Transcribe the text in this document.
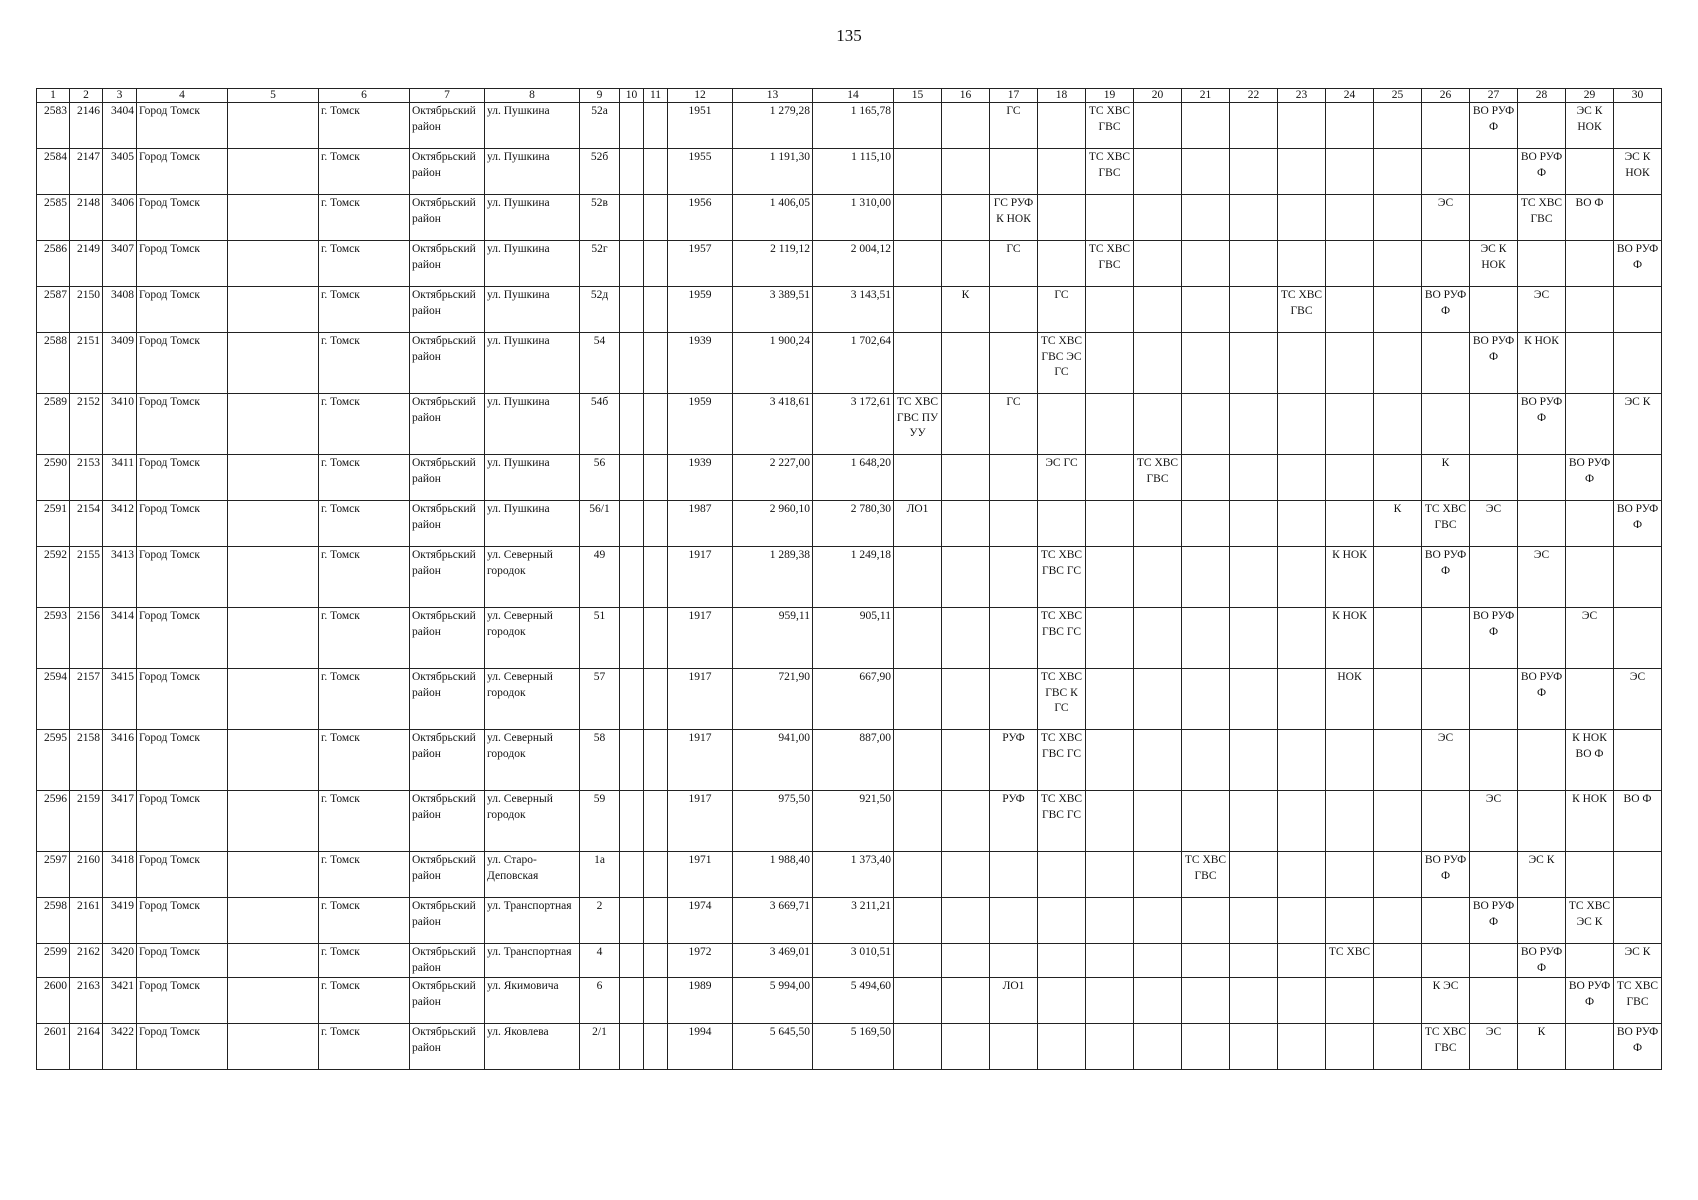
135
1	2	3	4	5	6	7	8	9	10	11	12	13	14	15	16	17	18	19	20	21	22	23	24	25	26	27	28	29	30
2583	2146	3404	Город Томск		г. Томск	Октябрьский район	ул. Пушкина	52а			1951	1 279,28	1 165,78			ГС		ТС ХВС ГВС								ВО РУФ Ф		ЭС К НОК	
2584	2147	3405	Город Томск		г. Томск	Октябрьский район	ул. Пушкина	52б			1955	1 191,30	1 115,10					ТС ХВС ГВС									ВО РУФ Ф		ЭС К НОК
2585	2148	3406	Город Томск		г. Томск	Октябрьский район	ул. Пушкина	52в			1956	1 406,05	1 310,00			ГС РУФ К НОК									ЭС		ТС ХВС ГВС	ВО Ф	
2586	2149	3407	Город Томск		г. Томск	Октябрьский район	ул. Пушкина	52г			1957	2 119,12	2 004,12			ГС		ТС ХВС ГВС								ЭС К НОК			ВО РУФ Ф
2587	2150	3408	Город Томск		г. Томск	Октябрьский район	ул. Пушкина	52д			1959	3 389,51	3 143,51		К		ГС					ТС ХВС ГВС			ВО РУФ Ф		ЭС		
2588	2151	3409	Город Томск		г. Томск	Октябрьский район	ул. Пушкина	54			1939	1 900,24	1 702,64				ТС ХВС ГВС ЭС ГС									ВО РУФ Ф	К НОК		
2589	2152	3410	Город Томск		г. Томск	Октябрьский район	ул. Пушкина	54б			1959	3 418,61	3 172,61	ТС ХВС ГВС ПУ УУ		ГС											ВО РУФ Ф		ЭС К
2590	2153	3411	Город Томск		г. Томск	Октябрьский район	ул. Пушкина	56			1939	2 227,00	1 648,20				ЭС ГС		ТС ХВС ГВС						К			ВО РУФ Ф	
2591	2154	3412	Город Томск		г. Томск	Октябрьский район	ул. Пушкина	56/1			1987	2 960,10	2 780,30	ЛО1										К	ТС ХВС ГВС	ЭС			ВО РУФ Ф
2592	2155	3413	Город Томск		г. Томск	Октябрьский район	ул. Северный городок	49			1917	1 289,38	1 249,18				ТС ХВС ГВС ГС						К НОК		ВО РУФ Ф		ЭС		
2593	2156	3414	Город Томск		г. Томск	Октябрьский район	ул. Северный городок	51			1917	959,11	905,11				ТС ХВС ГВС ГС						К НОК			ВО РУФ Ф		ЭС	
2594	2157	3415	Город Томск		г. Томск	Октябрьский район	ул. Северный городок	57			1917	721,90	667,90				ТС ХВС ГВС К ГС						НОК				ВО РУФ Ф		ЭС
2595	2158	3416	Город Томск		г. Томск	Октябрьский район	ул. Северный городок	58			1917	941,00	887,00			РУФ	ТС ХВС ГВС ГС								ЭС			К НОК ВО Ф	
2596	2159	3417	Город Томск		г. Томск	Октябрьский район	ул. Северный городок	59			1917	975,50	921,50			РУФ	ТС ХВС ГВС ГС									ЭС		К НОК	ВО Ф
2597	2160	3418	Город Томск		г. Томск	Октябрьский район	ул. Старо-Деповская	1а			1971	1 988,40	1 373,40							ТС ХВС ГВС					ВО РУФ Ф		ЭС К		
2598	2161	3419	Город Томск		г. Томск	Октябрьский район	ул. Транспортная	2			1974	3 669,71	3 211,21													ВО РУФ Ф		ТС ХВС ЭС К	
2599	2162	3420	Город Томск		г. Томск	Октябрьский район	ул. Транспортная	4			1972	3 469,01	3 010,51										ТС ХВС				ВО РУФ Ф		ЭС К
2600	2163	3421	Город Томск		г. Томск	Октябрьский район	ул. Якимовича	6			1989	5 994,00	5 494,60			ЛО1									К ЭС			ВО РУФ Ф	ТС ХВС ГВС
2601	2164	3422	Город Томск		г. Томск	Октябрьский район	ул. Яковлева	2/1			1994	5 645,50	5 169,50												ТС ХВС ГВС	ЭС	К		ВО РУФ Ф
